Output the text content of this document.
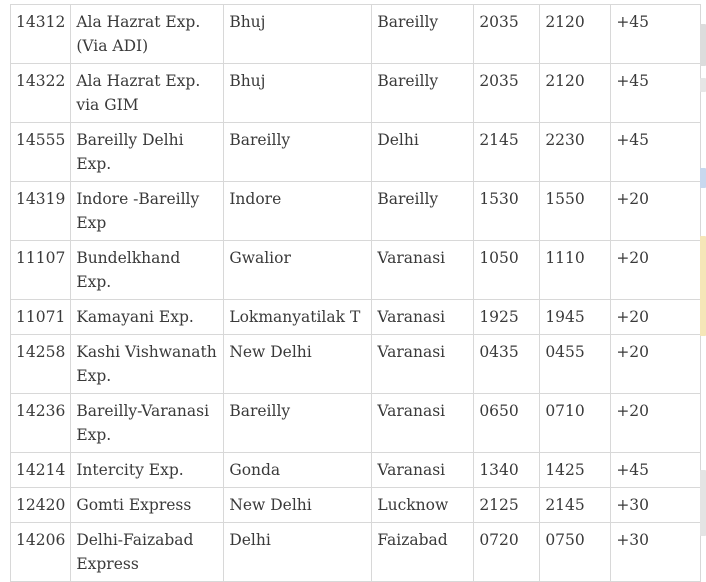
14312	Ala Hazrat Exp. (Via ADI)	Bhuj	Bareilly	2035	2120	+45
14322	Ala Hazrat Exp. via GIM	Bhuj	Bareilly	2035	2120	+45
14555	Bareilly Delhi Exp.	Bareilly	Delhi	2145	2230	+45
14319	Indore -Bareilly Exp	Indore	Bareilly	1530	1550	+20
11107	Bundelkhand Exp.	Gwalior	Varanasi	1050	1110	+20
11071	Kamayani Exp.	Lokmanyatilak T	Varanasi	1925	1945	+20
14258	Kashi Vishwanath Exp.	New Delhi	Varanasi	0435	0455	+20
14236	Bareilly-Varanasi Exp.	Bareilly	Varanasi	0650	0710	+20
14214	Intercity Exp.	Gonda	Varanasi	1340	1425	+45
12420	Gomti Express	New Delhi	Lucknow	2125	2145	+30
14206	Delhi-Faizabad Express	Delhi	Faizabad	0720	0750	+30
